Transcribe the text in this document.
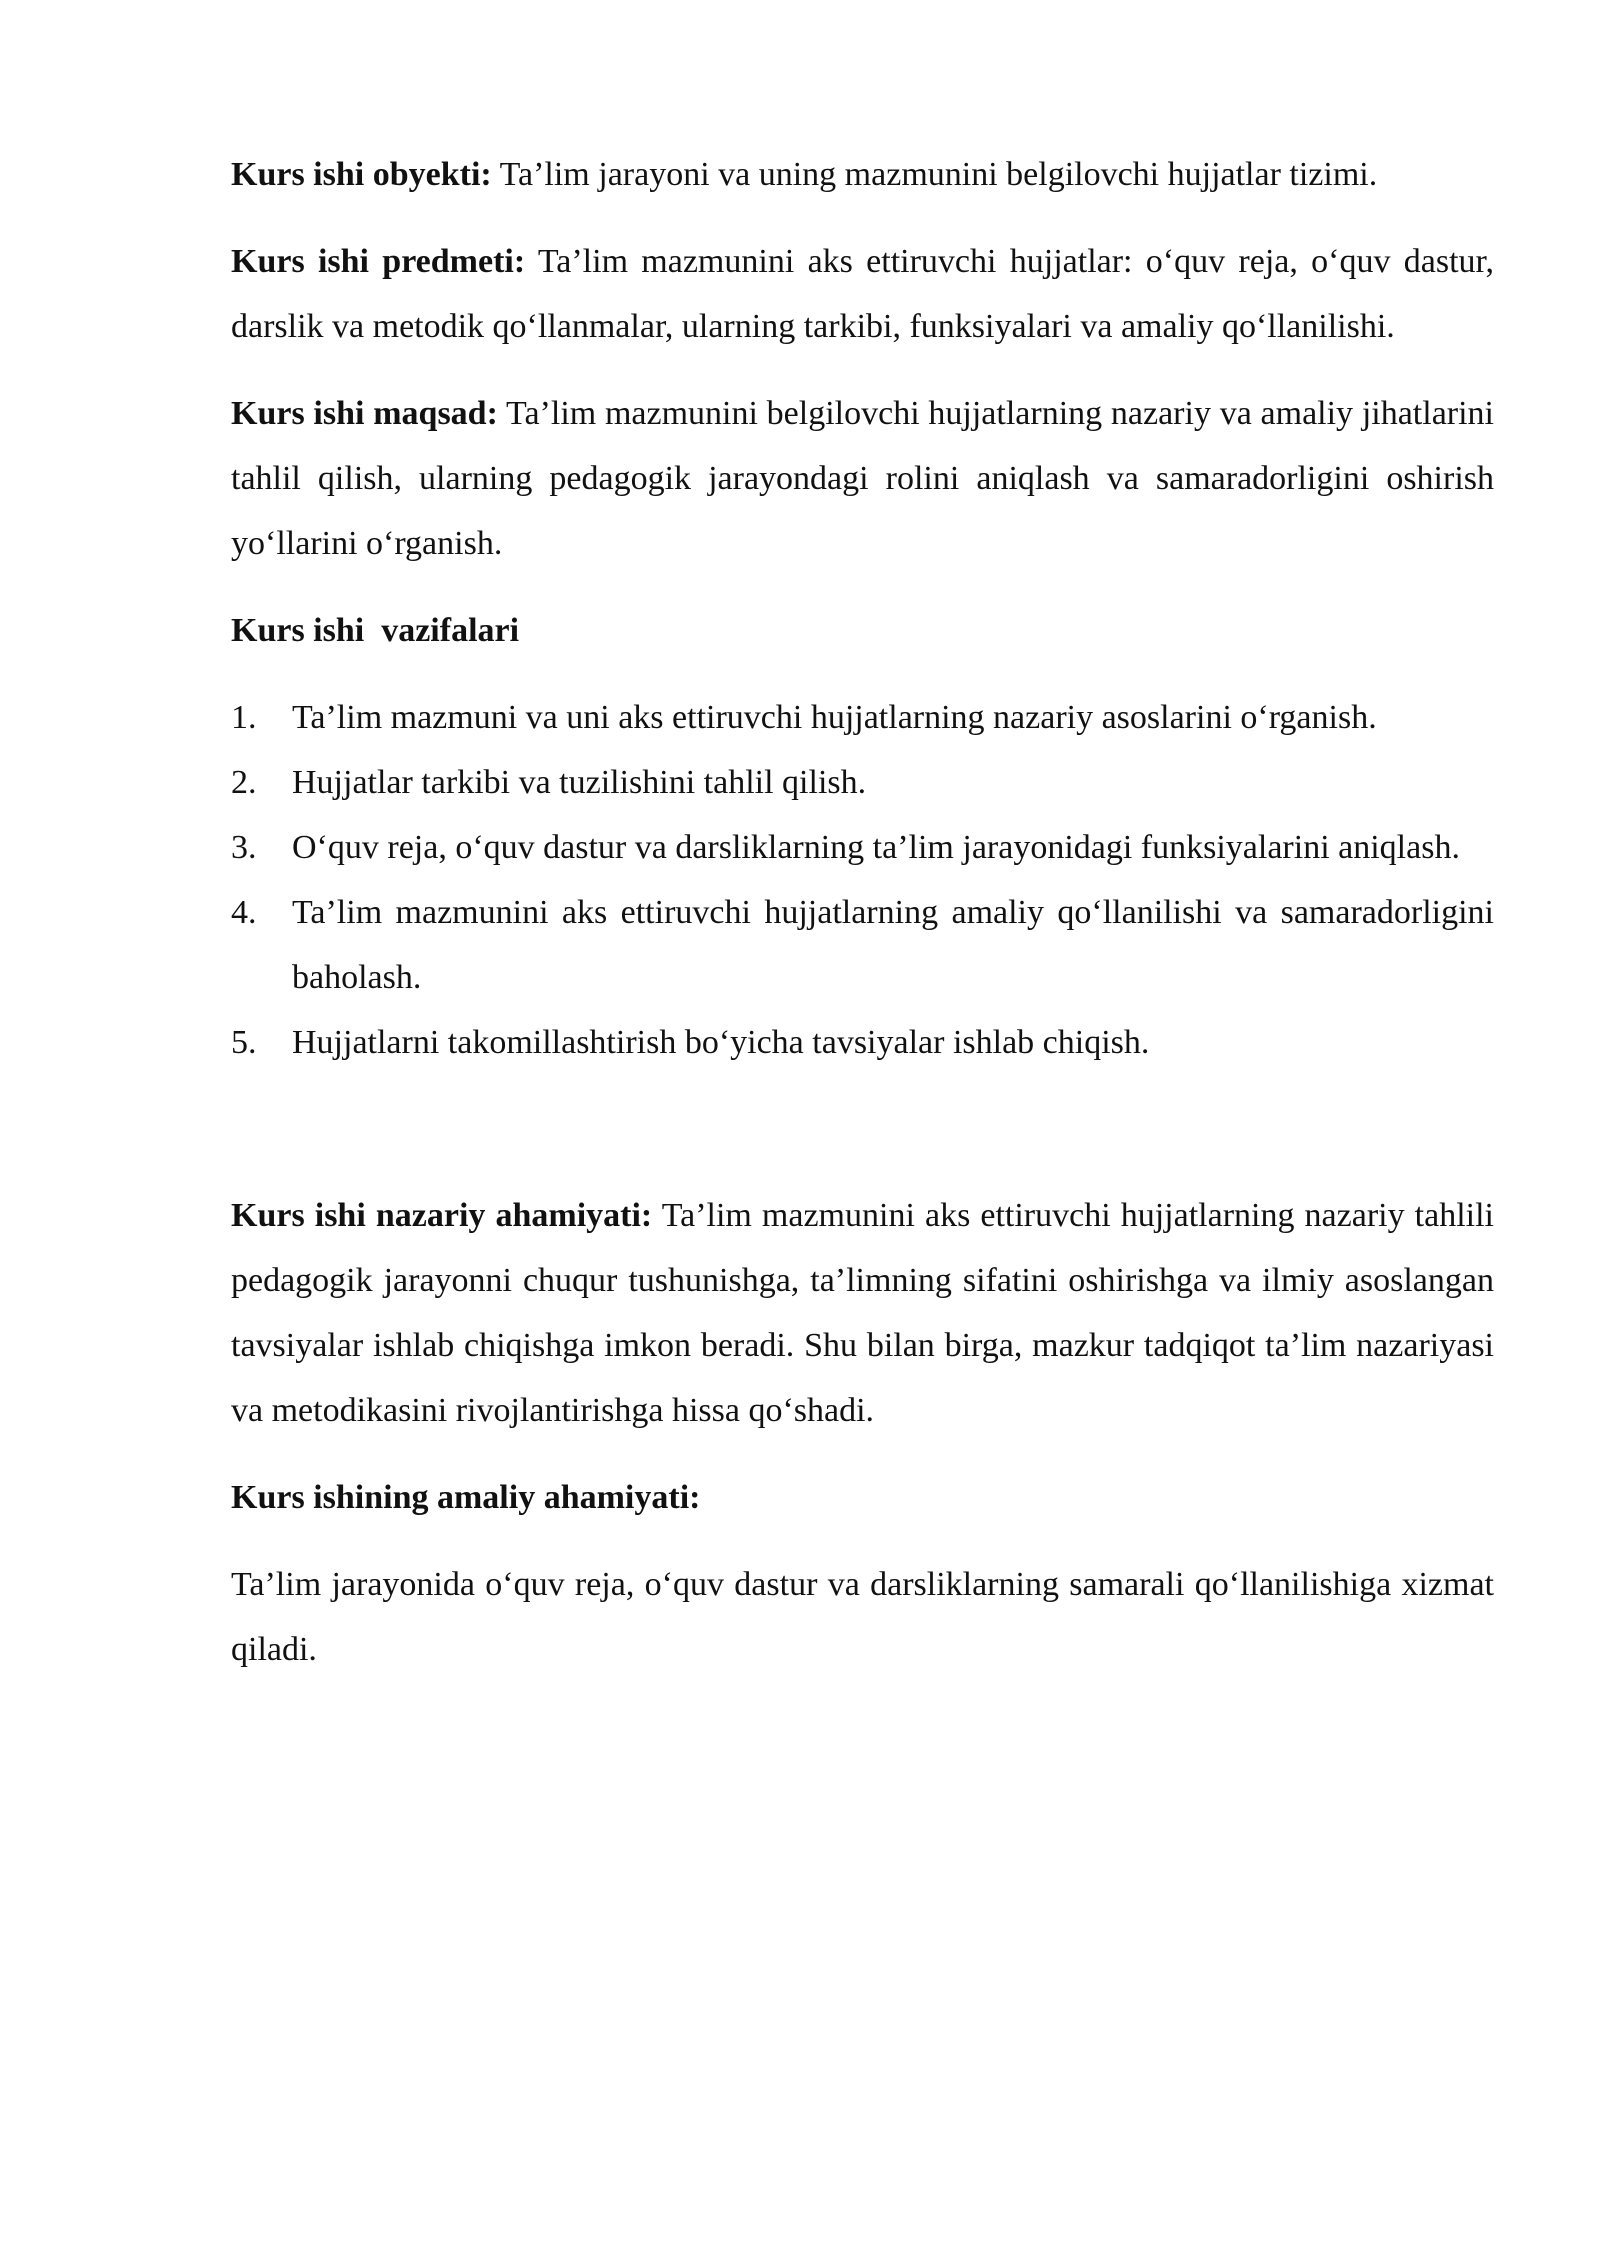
Kurs ishi obyekti: Ta’lim jarayoni va uning mazmunini belgilovchi hujjatlar tizimi.

Kurs ishi predmeti: Ta’lim mazmunini aks ettiruvchi hujjatlar: o‘quv reja, o‘quv dastur, darslik va metodik qo‘llanmalar, ularning tarkibi, funksiyalari va amaliy qo‘llanilishi.

Kurs ishi maqsad: Ta’lim mazmunini belgilovchi hujjatlarning nazariy va amaliy jihatlarini tahlil qilish, ularning pedagogik jarayondagi rolini aniqlash va samaradorligini oshirish yo‘llarini o‘rganish.

Kurs ishi  vazifalari

1. Ta’lim mazmuni va uni aks ettiruvchi hujjatlarning nazariy asoslarini o‘rganish.
2. Hujjatlar tarkibi va tuzilishini tahlil qilish.
3. O‘quv reja, o‘quv dastur va darsliklarning ta’lim jarayonidagi funksiyalarini aniqlash.
4. Ta’lim mazmunini aks ettiruvchi hujjatlarning amaliy qo‘llanilishi va samaradorligini baholash.
5. Hujjatlarni takomillashtirish bo‘yicha tavsiyalar ishlab chiqish.

Kurs ishi nazariy ahamiyati: Ta’lim mazmunini aks ettiruvchi hujjatlarning nazariy tahlili pedagogik jarayonni chuqur tushunishga, ta’limning sifatini oshirishga va ilmiy asoslangan tavsiyalar ishlab chiqishga imkon beradi. Shu bilan birga, mazkur tadqiqot ta’lim nazariyasi va metodikasini rivojlantirishga hissa qo‘shadi.

Kurs ishining amaliy ahamiyati:

Ta’lim jarayonida o‘quv reja, o‘quv dastur va darsliklarning samarali qo‘llanilishiga xizmat qiladi.
